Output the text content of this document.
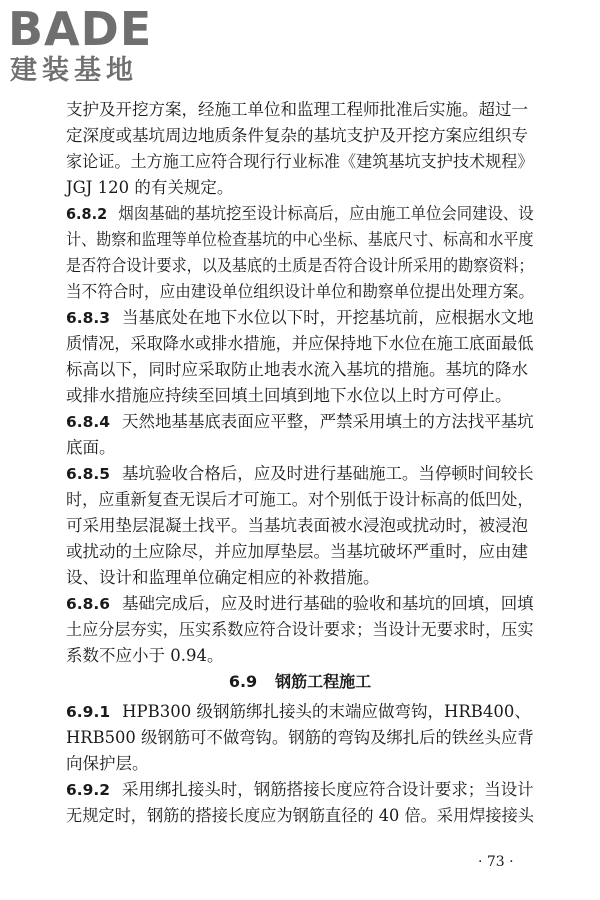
BADE
建装基地
支护及开挖方案，经施工单位和监理工程师批准后实施。超过一
定深度或基坑周边地质条件复杂的基坑支护及开挖方案应组织专
家论证。土方施工应符合现行行业标准《建筑基坑支护技术规程》
JGJ 120 的有关规定。
6.8.2 烟囱基础的基坑挖至设计标高后，应由施工单位会同建设、设
计、勘察和监理等单位检查基坑的中心坐标、基底尺寸、标高和水平度
是否符合设计要求，以及基底的土质是否符合设计所采用的勘察资料；
当不符合时，应由建设单位组织设计单位和勘察单位提出处理方案。
6.8.3 当基底处在地下水位以下时，开挖基坑前，应根据水文地
质情况，采取降水或排水措施，并应保持地下水位在施工底面最低
标高以下，同时应采取防止地表水流入基坑的措施。基坑的降水
或排水措施应持续至回填土回填到地下水位以上时方可停止。
6.8.4 天然地基基底表面应平整，严禁采用填土的方法找平基坑
底面。
6.8.5 基坑验收合格后，应及时进行基础施工。当停顿时间较长
时，应重新复查无误后才可施工。对个别低于设计标高的低凹处，
可采用垫层混凝土找平。当基坑表面被水浸泡或扰动时，被浸泡
或扰动的土应除尽，并应加厚垫层。当基坑破坏严重时，应由建
设、设计和监理单位确定相应的补救措施。
6.8.6 基础完成后，应及时进行基础的验收和基坑的回填，回填
土应分层夯实，压实系数应符合设计要求；当设计无要求时，压实
系数不应小于 0.94。
6.9 钢筋工程施工
6.9.1 HPB300 级钢筋绑扎接头的末端应做弯钩，HRB400、
HRB500 级钢筋可不做弯钩。钢筋的弯钩及绑扎后的铁丝头应背
向保护层。
6.9.2 采用绑扎接头时，钢筋搭接长度应符合设计要求；当设计
无规定时，钢筋的搭接长度应为钢筋直径的 40 倍。采用焊接接头
· 73 ·
